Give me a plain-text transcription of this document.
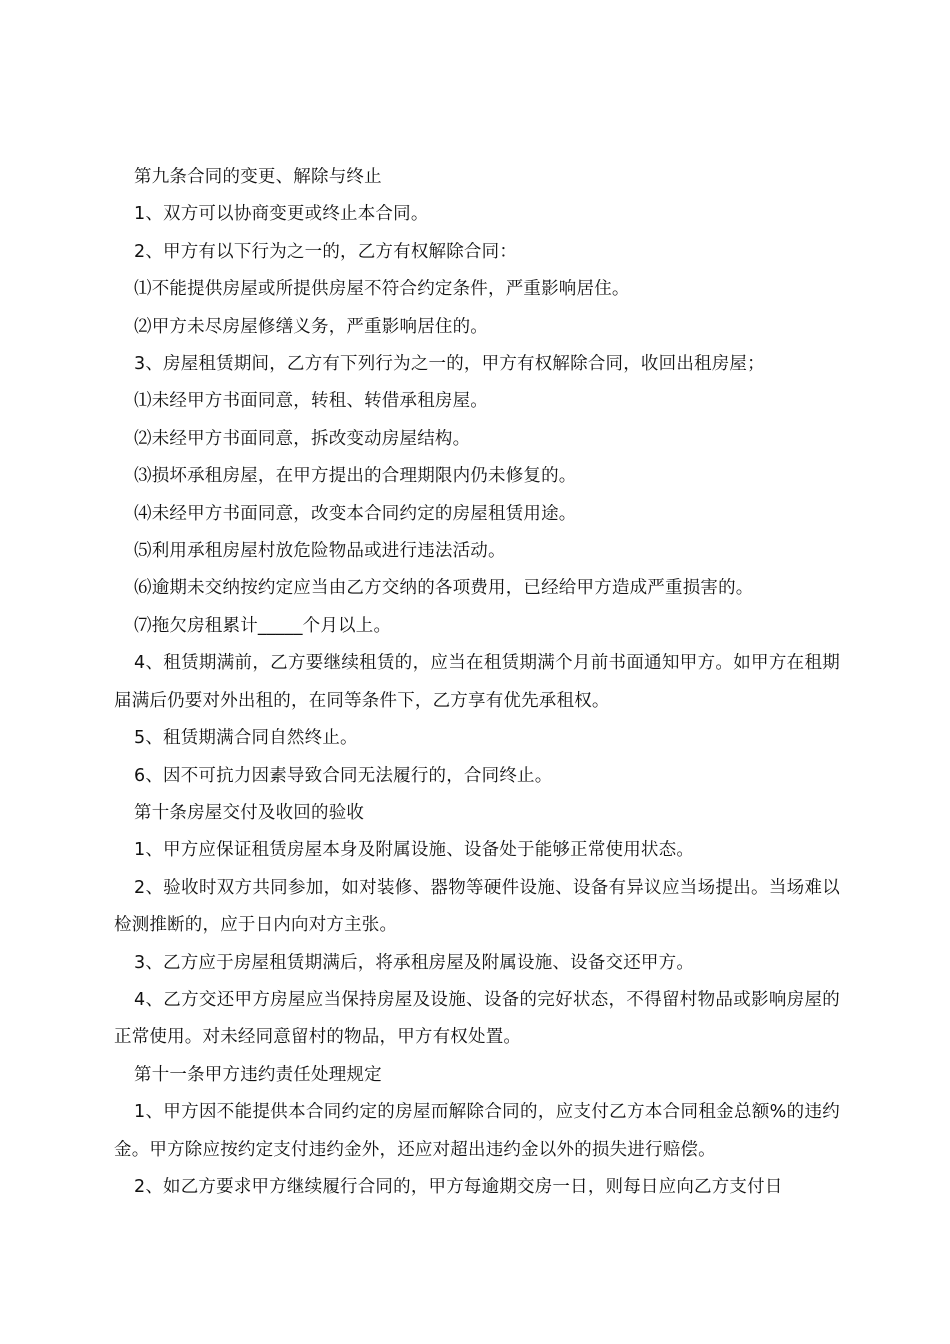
第九条合同的变更、解除与终止

1、双方可以协商变更或终止本合同。

2、甲方有以下行为之一的，乙方有权解除合同：

⑴不能提供房屋或所提供房屋不符合约定条件，严重影响居住。

⑵甲方未尽房屋修缮义务，严重影响居住的。

3、房屋租赁期间，乙方有下列行为之一的，甲方有权解除合同，收回出租房屋；

⑴未经甲方书面同意，转租、转借承租房屋。

⑵未经甲方书面同意，拆改变动房屋结构。

⑶损坏承租房屋，在甲方提出的合理期限内仍未修复的。

⑷未经甲方书面同意，改变本合同约定的房屋租赁用途。

⑸利用承租房屋村放危险物品或进行违法活动。

⑹逾期未交纳按约定应当由乙方交纳的各项费用，已经给甲方造成严重损害的。

⑺拖欠房租累计_____个月以上。

4、租赁期满前，乙方要继续租赁的，应当在租赁期满个月前书面通知甲方。如甲方在租期届满后仍要对外出租的，在同等条件下，乙方享有优先承租权。

5、租赁期满合同自然终止。

6、因不可抗力因素导致合同无法履行的，合同终止。

第十条房屋交付及收回的验收

1、甲方应保证租赁房屋本身及附属设施、设备处于能够正常使用状态。

2、验收时双方共同参加，如对装修、器物等硬件设施、设备有异议应当场提出。当场难以检测推断的，应于日内向对方主张。

3、乙方应于房屋租赁期满后，将承租房屋及附属设施、设备交还甲方。

4、乙方交还甲方房屋应当保持房屋及设施、设备的完好状态，不得留村物品或影响房屋的正常使用。对未经同意留村的物品，甲方有权处置。

第十一条甲方违约责任处理规定

1、甲方因不能提供本合同约定的房屋而解除合同的，应支付乙方本合同租金总额%的违约金。甲方除应按约定支付违约金外，还应对超出违约金以外的损失进行赔偿。

2、如乙方要求甲方继续履行合同的，甲方每逾期交房一日，则每日应向乙方支付日
